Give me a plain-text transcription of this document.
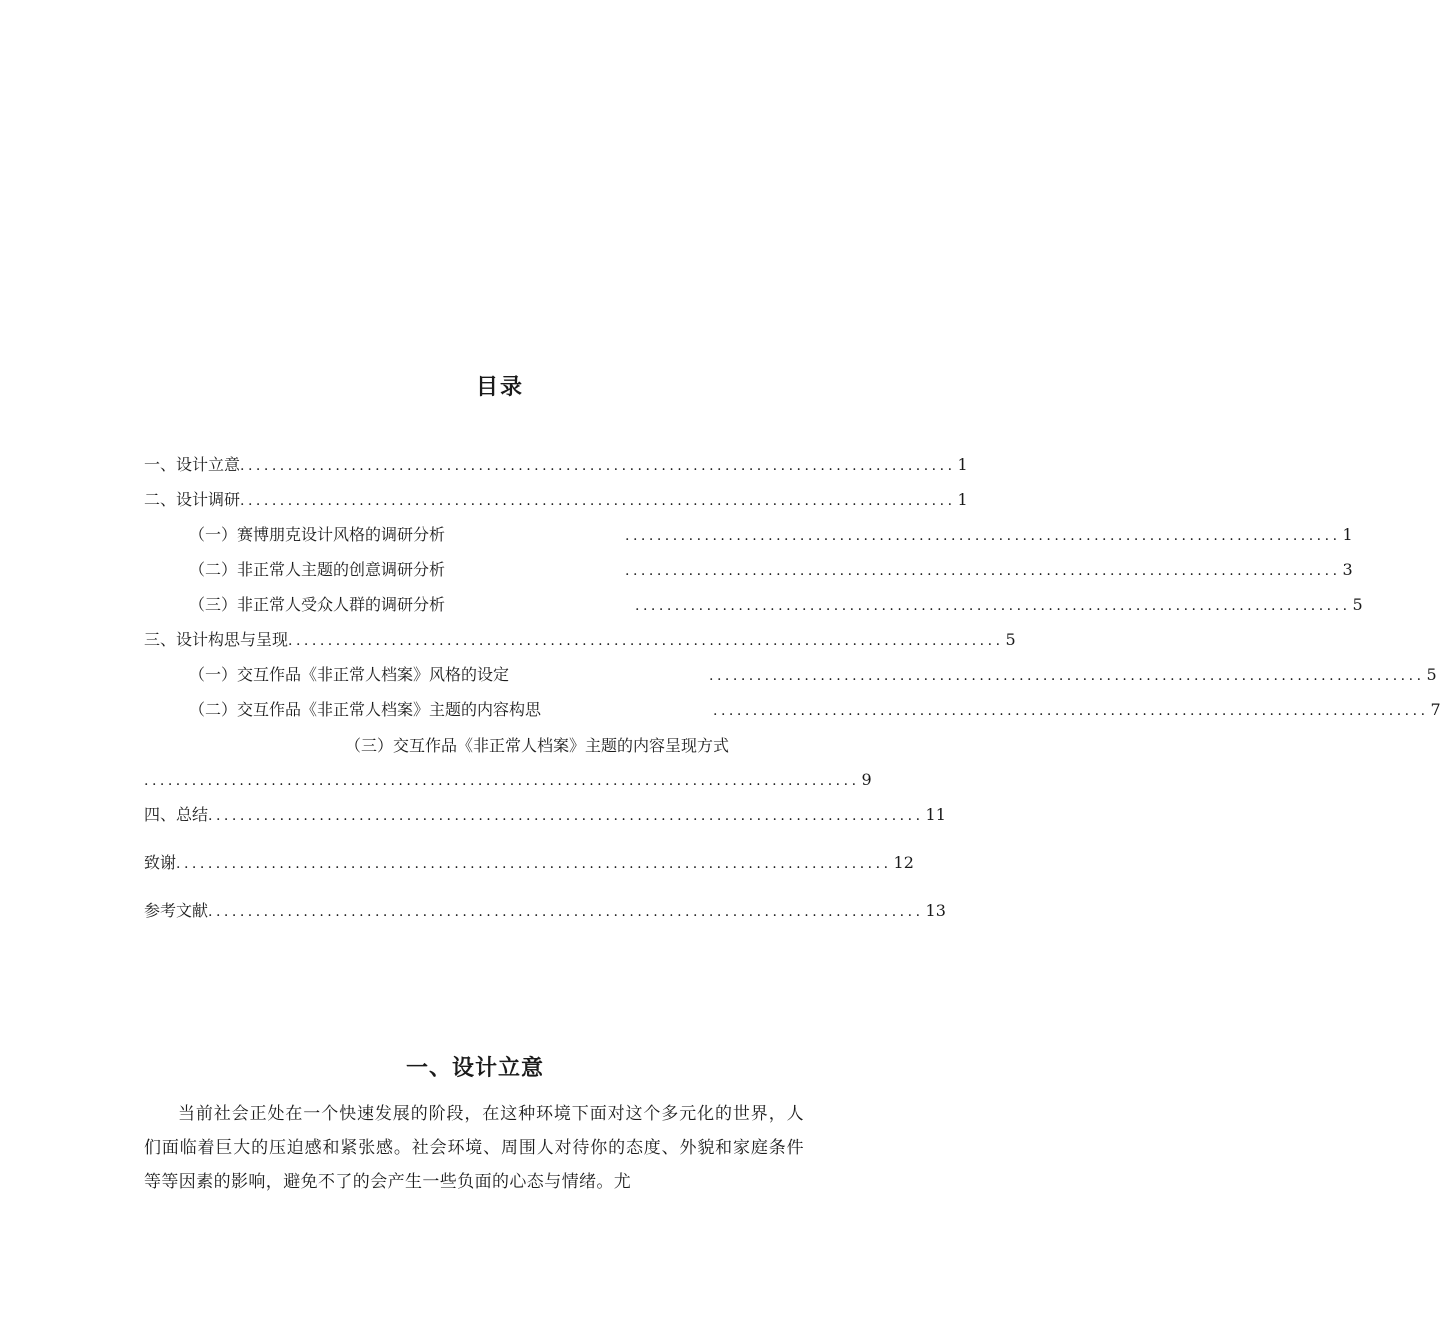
目录
一、设计立意 .......................................................................................... 1
二、设计调研 .......................................................................................... 1
（一）赛博朋克设计风格的调研分析	.......................................................................................... 1
（二）非正常人主题的创意调研分析	.......................................................................................... 3
（三）非正常人受众人群的调研分析	.......................................................................................... 5
三、设计构思与呈现 .......................................................................................... 5
（一）交互作品《非正常人档案》风格的设定	.......................................................................................... 5
（二）交互作品《非正常人档案》主题的内容构思	.......................................................................................... 7
（三）交互作品《非正常人档案》主题的内容呈现方式
.......................................................................................... 9
四、总结 .......................................................................................... 11
致谢 .......................................................................................... 12
参考文献 .......................................................................................... 13
一、设计立意
当前社会正处在一个快速发展的阶段，在这种环境下面对这个多元化的世界，人们面临着巨大的压迫感和紧张感。社会环境、周围人对待你的态度、外貌和家庭条件等等因素的影响，避免不了的会产生一些负面的心态与情绪。尤
